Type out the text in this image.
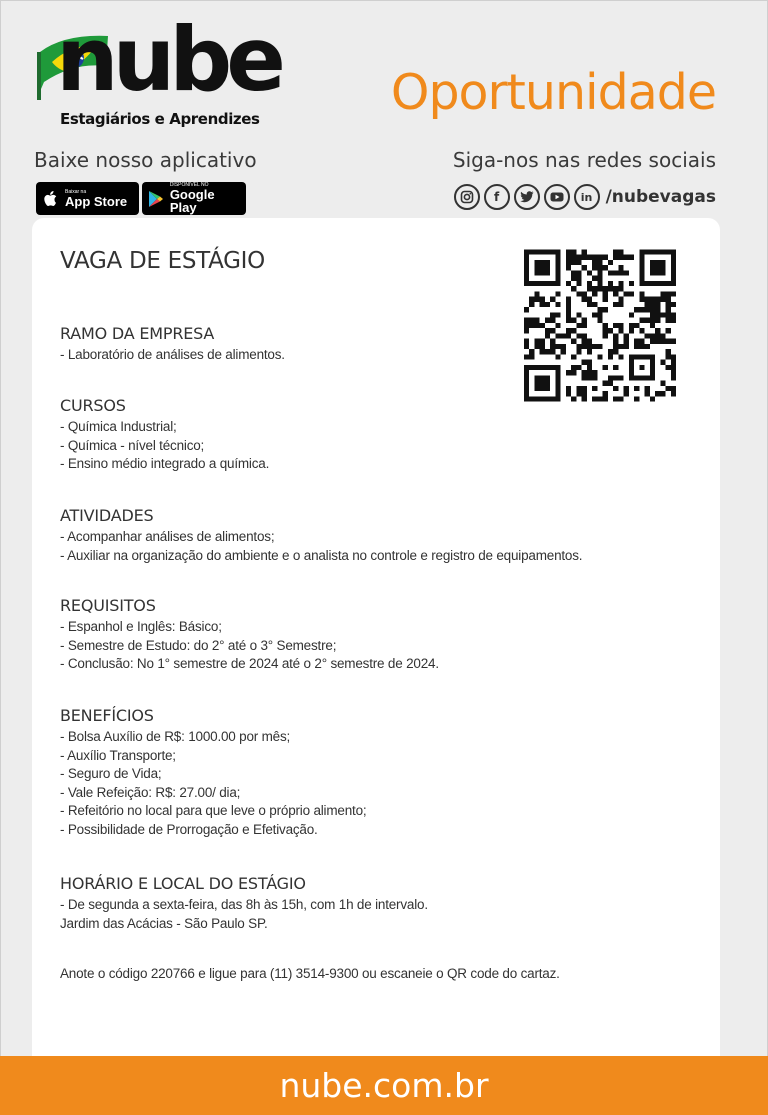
nube
Estagiários e Aprendizes	Oportunidade
Baixe nosso aplicativo	Siga-nos nas redes sociais
Baixar na
App Store
DISPONÍVEL NO
Google Play
f	in /nubevagas
VAGA DE ESTÁGIO
RAMO DA EMPRESA
- Laboratório de análises de alimentos.
CURSOS
- Química Industrial;
- Química - nível técnico;
- Ensino médio integrado a química.
ATIVIDADES
- Acompanhar análises de alimentos;
- Auxiliar na organização do ambiente e o analista no controle e registro de equipamentos.
REQUISITOS
- Espanhol e Inglês: Básico;
- Semestre de Estudo: do 2° até o 3° Semestre;
- Conclusão: No 1° semestre de 2024 até o 2° semestre de 2024.
BENEFÍCIOS
- Bolsa Auxílio de R$: 1000.00 por mês;
- Auxílio Transporte;
- Seguro de Vida;
- Vale Refeição: R$: 27.00/ dia;
- Refeitório no local para que leve o próprio alimento;
- Possibilidade de Prorrogação e Efetivação.
HORÁRIO E LOCAL DO ESTÁGIO
- De segunda a sexta-feira, das 8h às 15h, com 1h de intervalo.
Jardim das Acácias - São Paulo SP.
Anote o código 220766 e ligue para (11) 3514-9300 ou escaneie o QR code do cartaz.
nube.com.br
